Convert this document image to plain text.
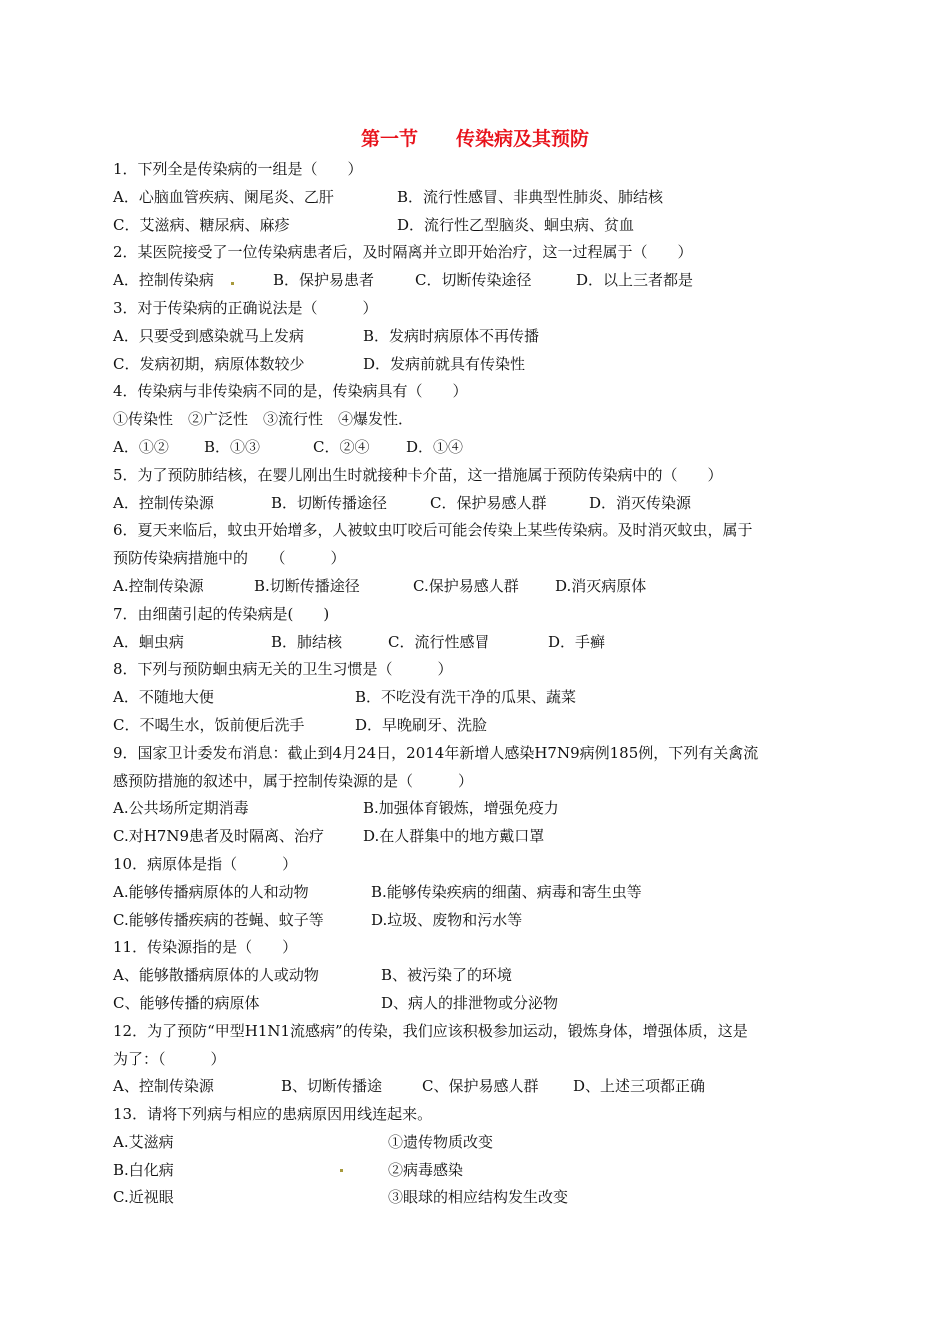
第一节　　传染病及其预防
1．下列全是传染病的一组是（　　）
A．心脑血管疾病、阑尾炎、乙肝	B．流行性感冒、非典型性肺炎、肺结核
C．艾滋病、糖尿病、麻疹	D．流行性乙型脑炎、蛔虫病、贫血
2．某医院接受了一位传染病患者后，及时隔离并立即开始治疗，这一过程属于（　　）
A．控制传染病	B．保护易患者	C．切断传染途径	D．以上三者都是
3．对于传染病的正确说法是（　　　）
A．只要受到感染就马上发病	B．发病时病原体不再传播
C．发病初期，病原体数较少	D．发病前就具有传染性
4．传染病与非传染病不同的是，传染病具有（　　）
①传染性　②广泛性　③流行性　④爆发性．
A．①② B．①③	C．②④ D．①④
5．为了预防肺结核，在婴儿刚出生时就接种卡介苗，这一措施属于预防传染病中的（　　）
A．控制传染源	B．切断传播途径	C．保护易感人群	D．消灭传染源
6．夏天来临后，蚊虫开始增多，人被蚊虫叮咬后可能会传染上某些传染病。及时消灭蚊虫，属于
预防传染病措施中的　　（　　　）
A.控制传染源	B.切断传播途径	C.保护易感人群 D.消灭病原体
7．由细菌引起的传染病是(　　)
A．蛔虫病	B．肺结核	C．流行性感冒	D．手癣
8．下列与预防蛔虫病无关的卫生习惯是（　　　）
A．不随地大便	B．不吃没有洗干净的瓜果、蔬菜
C．不喝生水，饭前便后洗手	D．早晚刷牙、洗脸
9．国家卫计委发布消息：截止到4月24日，2014年新增人感染H7N9病例185例，下列有关禽流
感预防措施的叙述中，属于控制传染源的是（　　　）
A.公共场所定期消毒	B.加强体育锻炼，增强免疫力
C.对H7N9患者及时隔离、治疗	D.在人群集中的地方戴口罩
10．病原体是指（　　　）
A.能够传播病原体的人和动物	B.能够传染疾病的细菌、病毒和寄生虫等
C.能够传播疾病的苍蝇、蚊子等	D.垃圾、废物和污水等
11．传染源指的是（　　）
A、能够散播病原体的人或动物	B、被污染了的环境
C、能够传播的病原体	D、病人的排泄物或分泌物
12．为了预防“甲型H1N1流感病”的传染，我们应该积极参加运动，锻炼身体，增强体质，这是
为了：（　　　）
A、控制传染源	B、切断传播途	C、保护易感人群 D、上述三项都正确
13．请将下列病与相应的患病原因用线连起来。
A.艾滋病	①遗传物质改变
B.白化病	②病毒感染
C.近视眼	③眼球的相应结构发生改变
